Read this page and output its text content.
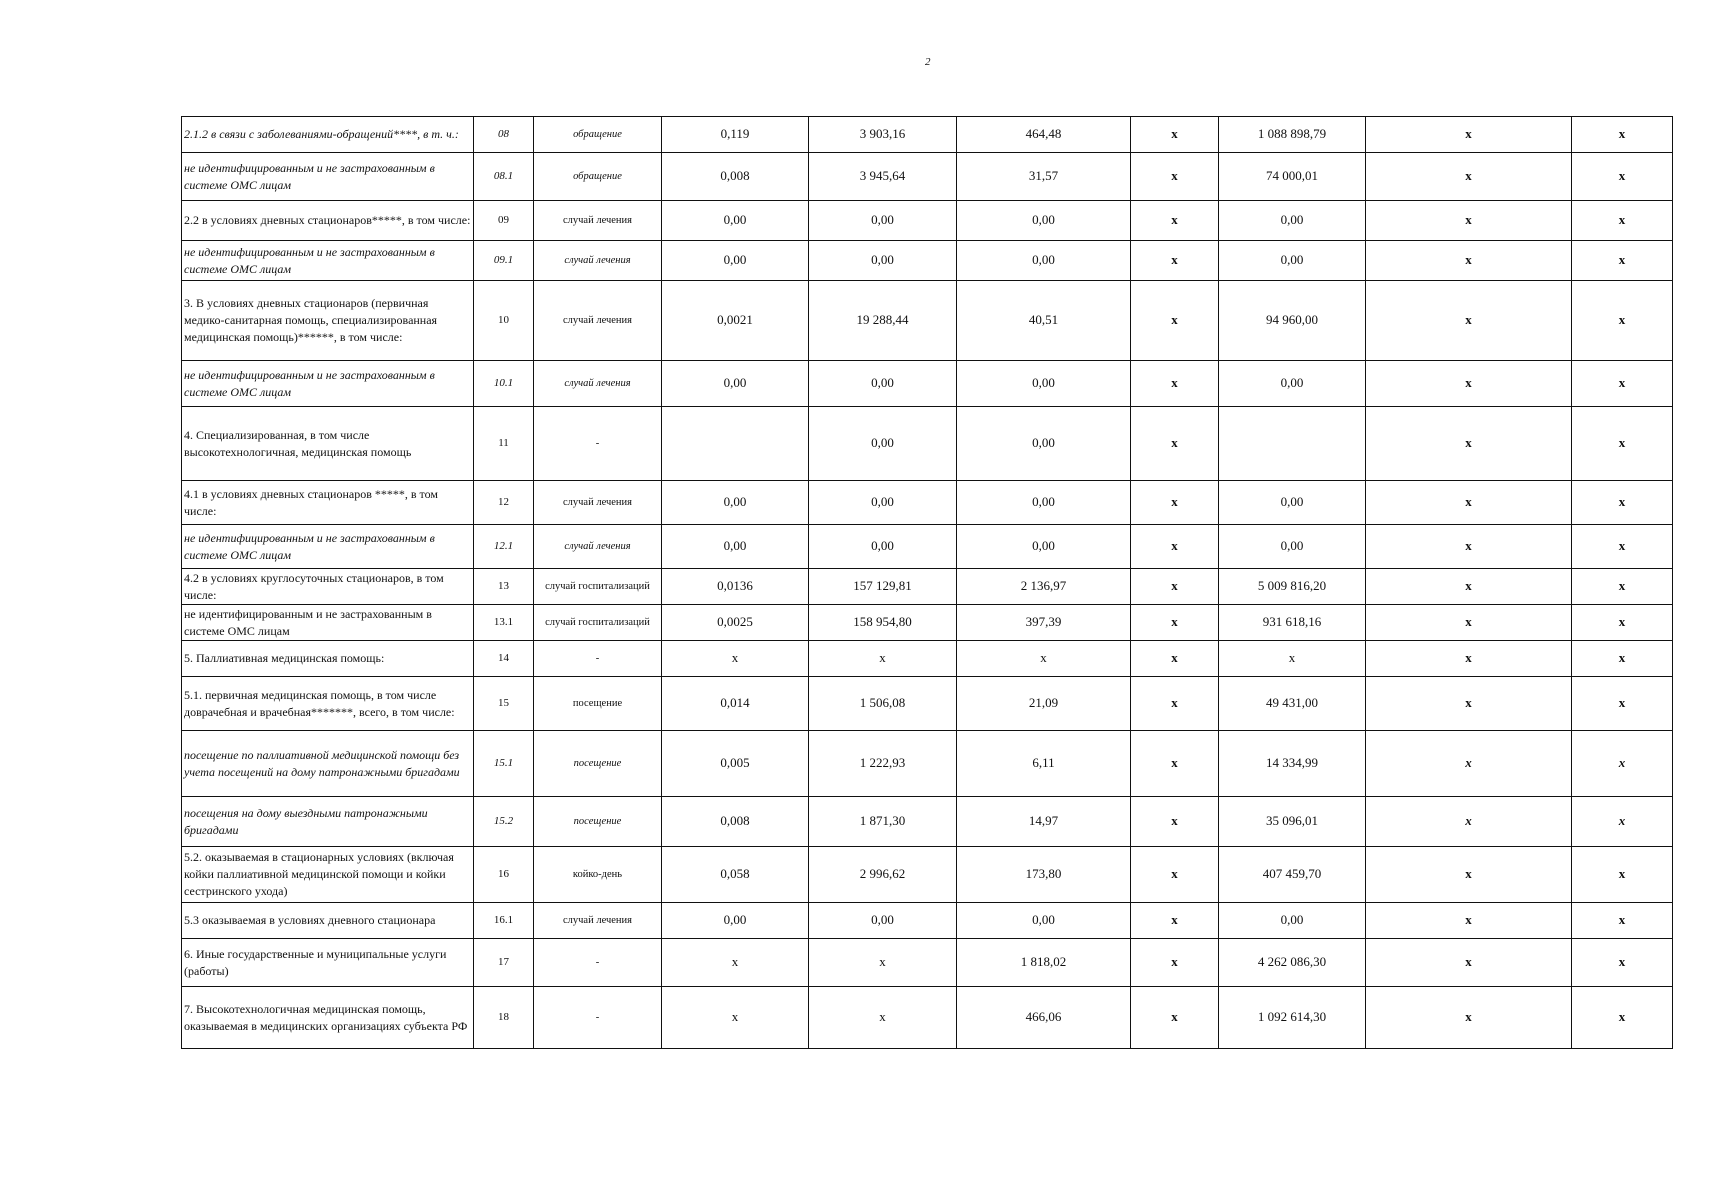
2
2.1.2 в связи с заболеваниями-обращений****, в т. ч.:	08	обращение	0,119	3 903,16	464,48	x	1 088 898,79	x	x
не идентифицированным и не застрахованным в системе ОМС лицам	08.1	обращение	0,008	3 945,64	31,57	x	74 000,01	x	x
2.2 в условиях дневных стационаров*****, в том числе:	09	случай лечения	0,00	0,00	0,00	x	0,00	x	x
не идентифицированным и не застрахованным в системе ОМС лицам	09.1	случай лечения	0,00	0,00	0,00	x	0,00	x	x
3. В условиях дневных стационаров (первичная медико-санитарная помощь, специализированная медицинская помощь)******, в том числе:	10	случай лечения	0,0021	19 288,44	40,51	x	94 960,00	x	x
не идентифицированным и не застрахованным в системе ОМС лицам	10.1	случай лечения	0,00	0,00	0,00	x	0,00	x	x
4. Специализированная, в том числе высокотехнологичная, медицинская помощь	11	-		0,00	0,00	x		x	x
4.1 в условиях дневных стационаров *****, в том числе:	12	случай лечения	0,00	0,00	0,00	x	0,00	x	x
не идентифицированным и не застрахованным в системе ОМС лицам	12.1	случай лечения	0,00	0,00	0,00	x	0,00	x	x
4.2 в условиях круглосуточных стационаров, в том числе:	13	случай госпитализаций	0,0136	157 129,81	2 136,97	x	5 009 816,20	x	x
не идентифицированным и не застрахованным в системе ОМС лицам	13.1	случай госпитализаций	0,0025	158 954,80	397,39	x	931 618,16	x	x
5. Паллиативная медицинская помощь:	14	-	x	x	x	x	x	x	x
5.1. первичная медицинская помощь, в том числе доврачебная и врачебная*******, всего, в том числе:	15	посещение	0,014	1 506,08	21,09	x	49 431,00	x	x
посещение по паллиативной медицинской помощи без учета посещений на дому патронажными бригадами	15.1	посещение	0,005	1 222,93	6,11	x	14 334,99	x	x
посещения на дому выездными патронажными бригадами	15.2	посещение	0,008	1 871,30	14,97	x	35 096,01	x	x
5.2. оказываемая в стационарных условиях (включая койки паллиативной медицинской помощи и койки сестринского ухода)	16	койко-день	0,058	2 996,62	173,80	x	407 459,70	x	x
5.3 оказываемая в условиях дневного стационара	16.1	случай лечения	0,00	0,00	0,00	x	0,00	x	x
6. Иные государственные и муниципальные услуги (работы)	17	-	x	x	1 818,02	x	4 262 086,30	x	x
7. Высокотехнологичная медицинская помощь, оказываемая в медицинских организациях субъекта РФ	18	-	x	x	466,06	x	1 092 614,30	x	x
